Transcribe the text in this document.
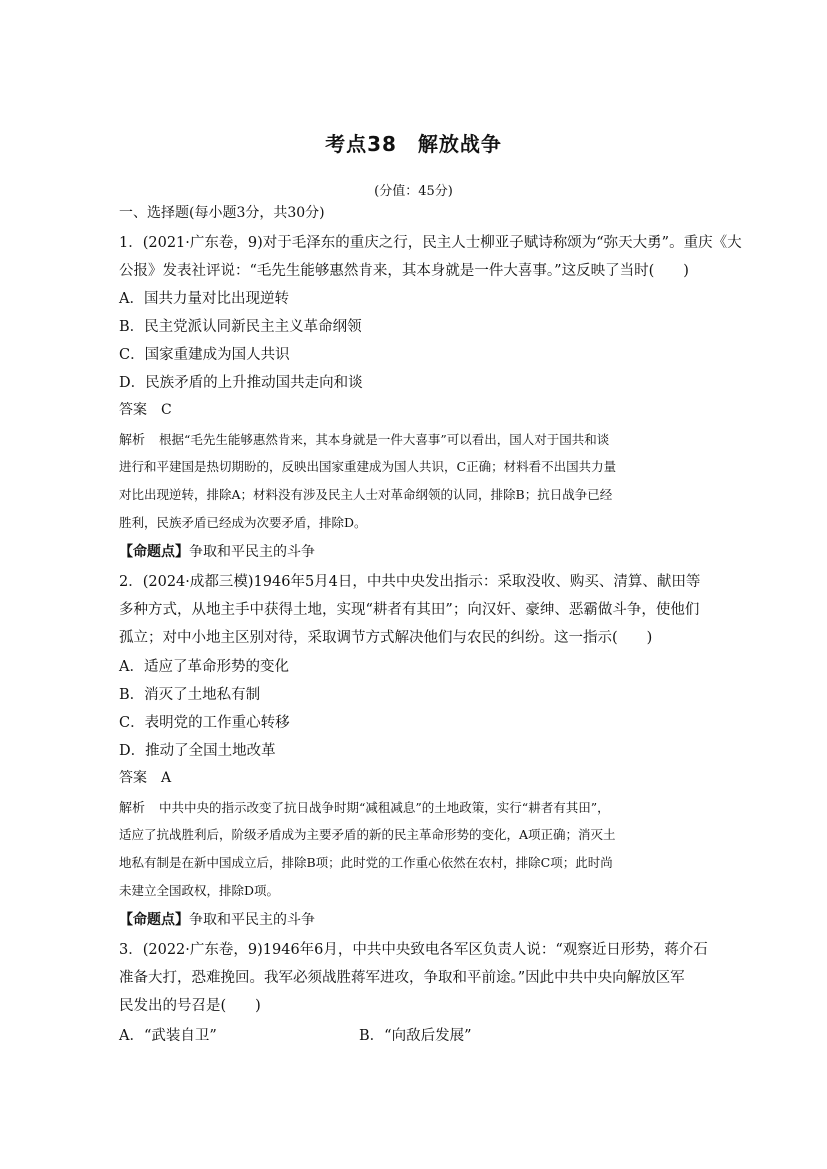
考点38　解放战争
(分值：45分)
一、选择题(每小题3分，共30分)
1．(2021·广东卷，9)对于毛泽东的重庆之行，民主人士柳亚子赋诗称颂为“弥天大勇”。重庆《大
公报》发表社评说：“毛先生能够惠然肯来，其本身就是一件大喜事。”这反映了当时(　　)
A．国共力量对比出现逆转
B．民主党派认同新民主主义革命纲领
C．国家重建成为国人共识
D．民族矛盾的上升推动国共走向和谈
答案 C
解析 根据“毛先生能够惠然肯来，其本身就是一件大喜事”可以看出，国人对于国共和谈
进行和平建国是热切期盼的，反映出国家重建成为国人共识，C正确；材料看不出国共力量
对比出现逆转，排除A；材料没有涉及民主人士对革命纲领的认同，排除B；抗日战争已经
胜利，民族矛盾已经成为次要矛盾，排除D。
【命题点】争取和平民主的斗争
2．(2024·成都三模)1946年5月4日，中共中央发出指示：采取没收、购买、清算、献田等
多种方式，从地主手中获得土地，实现“耕者有其田”；向汉奸、豪绅、恶霸做斗争，使他们
孤立；对中小地主区别对待，采取调节方式解决他们与农民的纠纷。这一指示(　　)
A．适应了革命形势的变化
B．消灭了土地私有制
C．表明党的工作重心转移
D．推动了全国土地改革
答案 A
解析 中共中央的指示改变了抗日战争时期“减租减息”的土地政策，实行“耕者有其田”，
适应了抗战胜利后，阶级矛盾成为主要矛盾的新的民主革命形势的变化，A项正确；消灭土
地私有制是在新中国成立后，排除B项；此时党的工作重心依然在农村，排除C项；此时尚
未建立全国政权，排除D项。
【命题点】争取和平民主的斗争
3．(2022·广东卷，9)1946年6月，中共中央致电各军区负责人说：“观察近日形势，蒋介石
准备大打，恐难挽回。我军必须战胜蒋军进攻，争取和平前途。”因此中共中央向解放区军
民发出的号召是(　　)
A．“武装自卫”	B．“向敌后发展”
